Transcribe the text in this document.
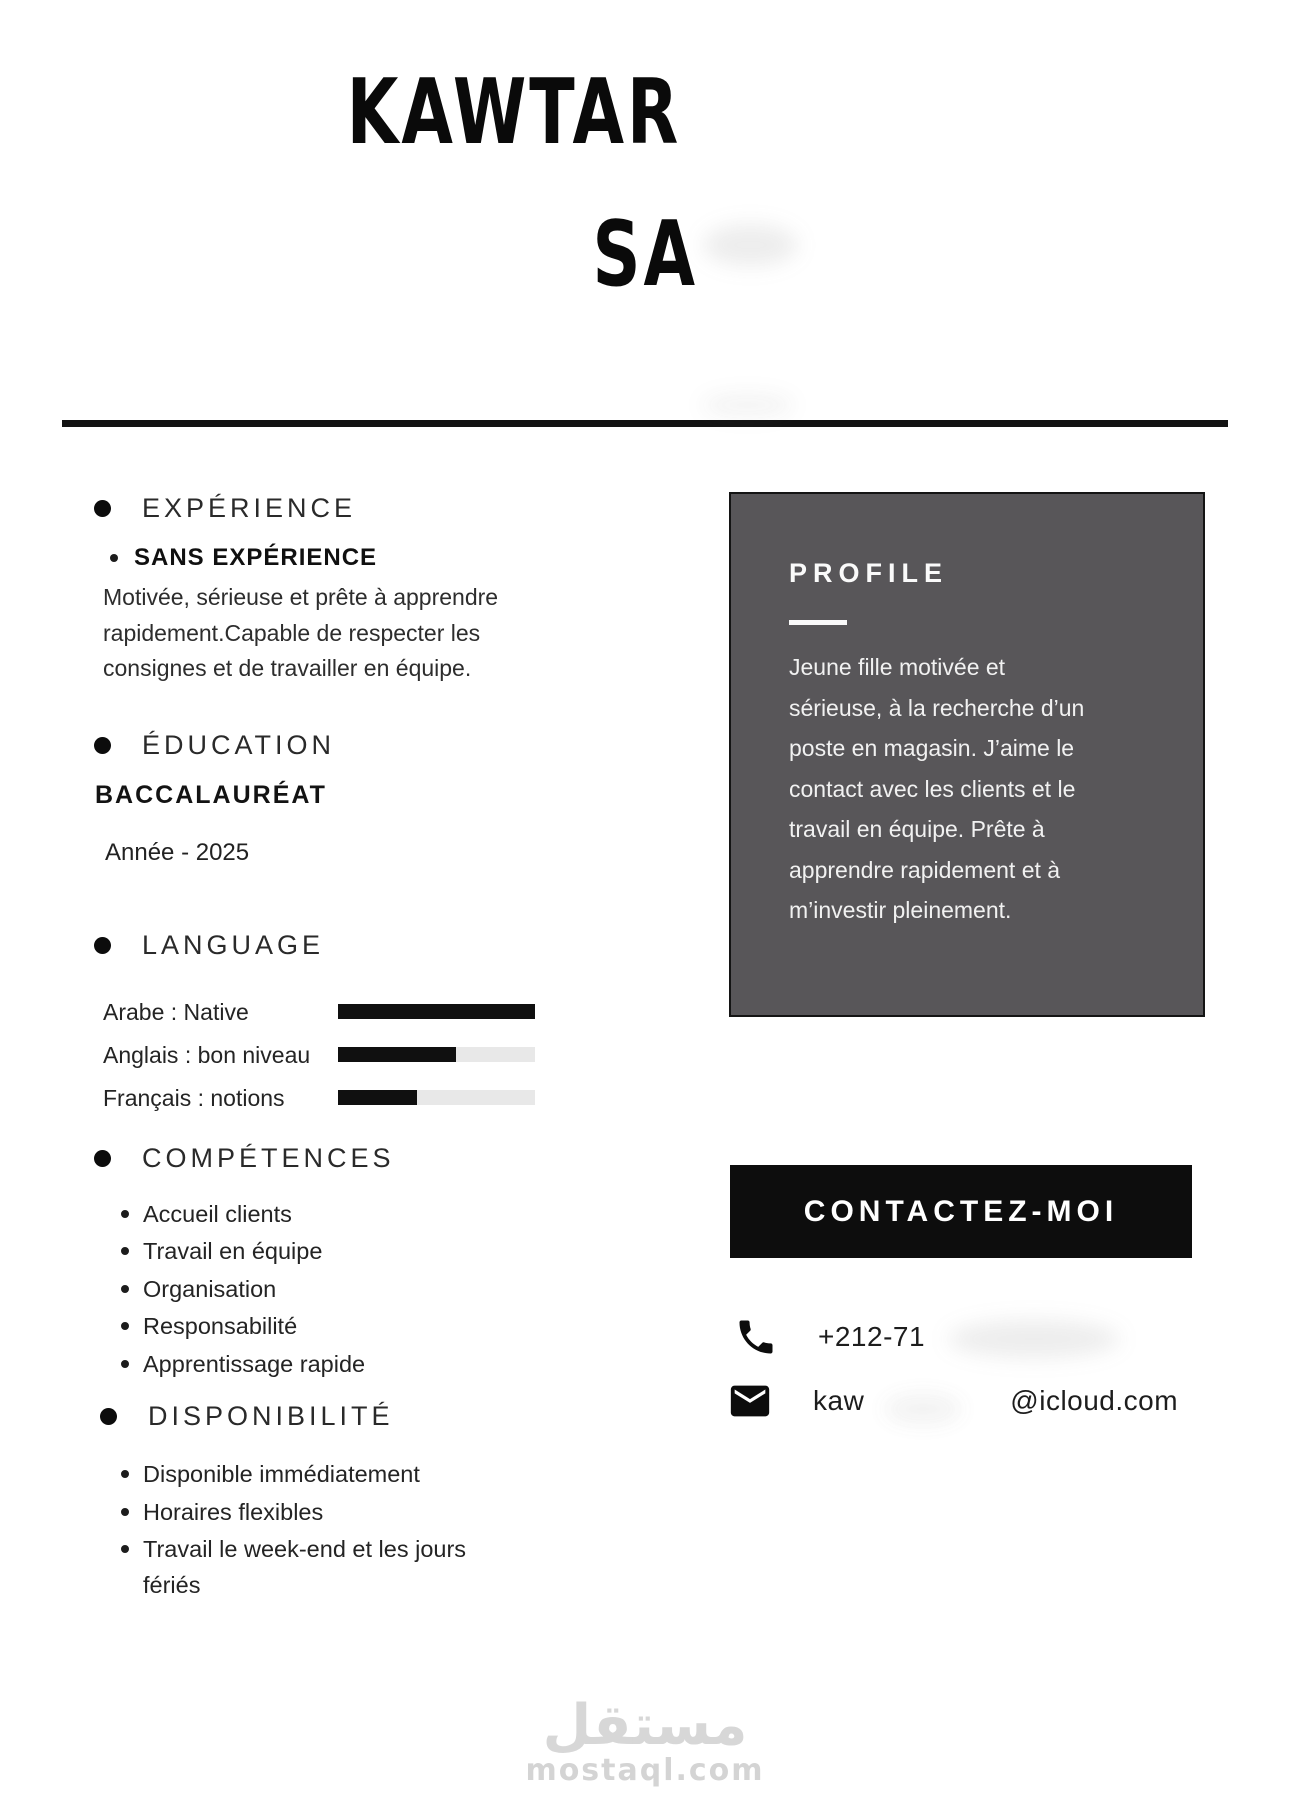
KAWTAR
SA
EXPÉRIENCE
SANS EXPÉRIENCE

Motivée, sérieuse et prête à apprendre rapidement.Capable de respecter les consignes et de travailler en équipe.

ÉDUCATION
BACCALAURÉAT
Année - 2025
LANGUAGE
Arabe : Native
Anglais : bon niveau
Français : notions
COMPÉTENCES
Accueil clients
Travail en équipe
Organisation
Responsabilité
Apprentissage rapide
DISPONIBILITÉ
Disponible immédiatement
Horaires flexibles
Travail le week-end et les jours fériés
PROFILE

Jeune fille motivée et sérieuse, à la recherche d’un poste en magasin. J’aime le contact avec les clients et le travail en équipe. Prête à apprendre rapidement et à m’investir pleinement.

CONTACTEZ-MOI
+212-71
kaw	@icloud.com
مستقل
mostaql.com
